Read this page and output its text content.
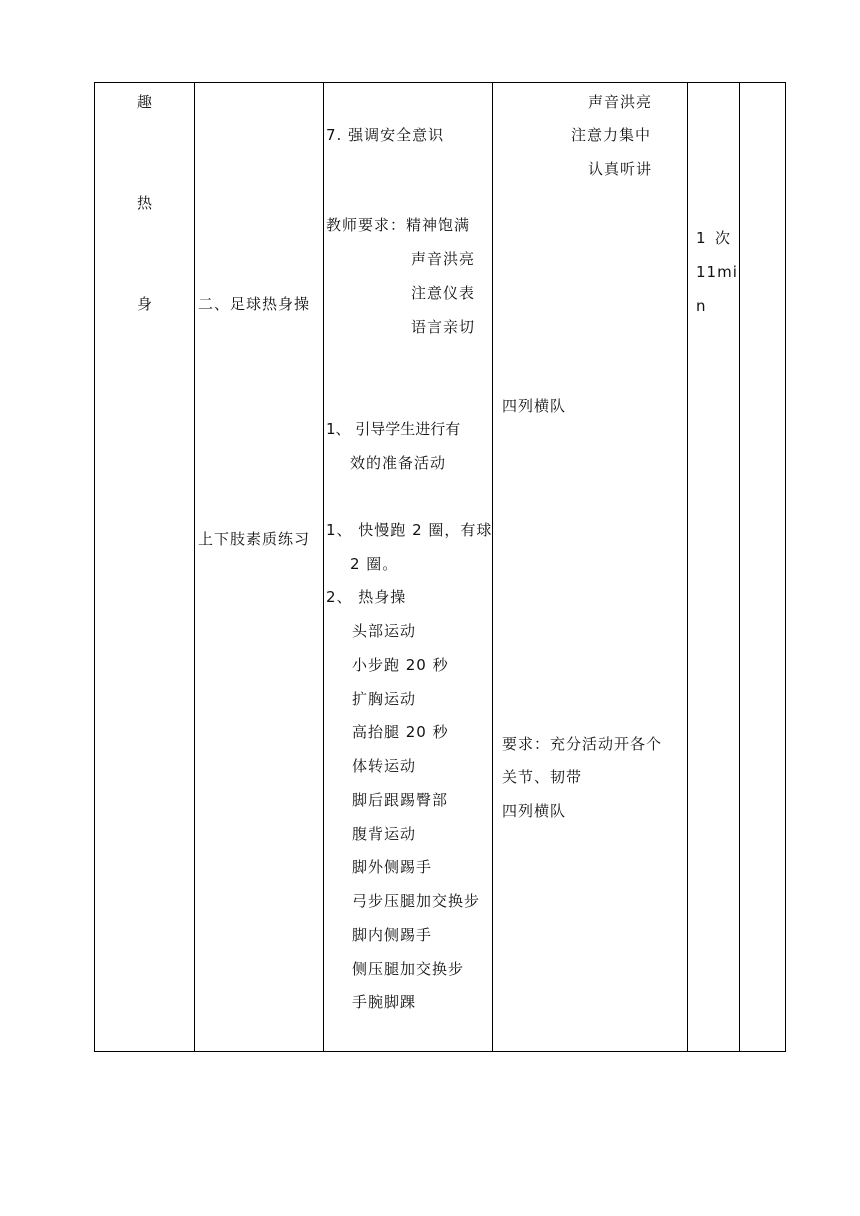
趣
热
身	二、足球热身操
上下肢素质练习
7. 强调安全意识
教师要求：精神饱满
声音洪亮
注意仪表
语言亲切
1、 引导学生进行有
效的准备活动
1、 快慢跑 2 圈，有球
2 圈。
2、 热身操
头部运动
小步跑 20 秒
扩胸运动
高抬腿 20 秒
体转运动
脚后跟踢臀部
腹背运动
脚外侧踢手
弓步压腿加交换步
脚内侧踢手
侧压腿加交换步
手腕脚踝
声音洪亮
注意力集中
认真听讲
四列横队
要求：充分活动开各个
关节、韧带
四列横队
1 次
11mi
n
